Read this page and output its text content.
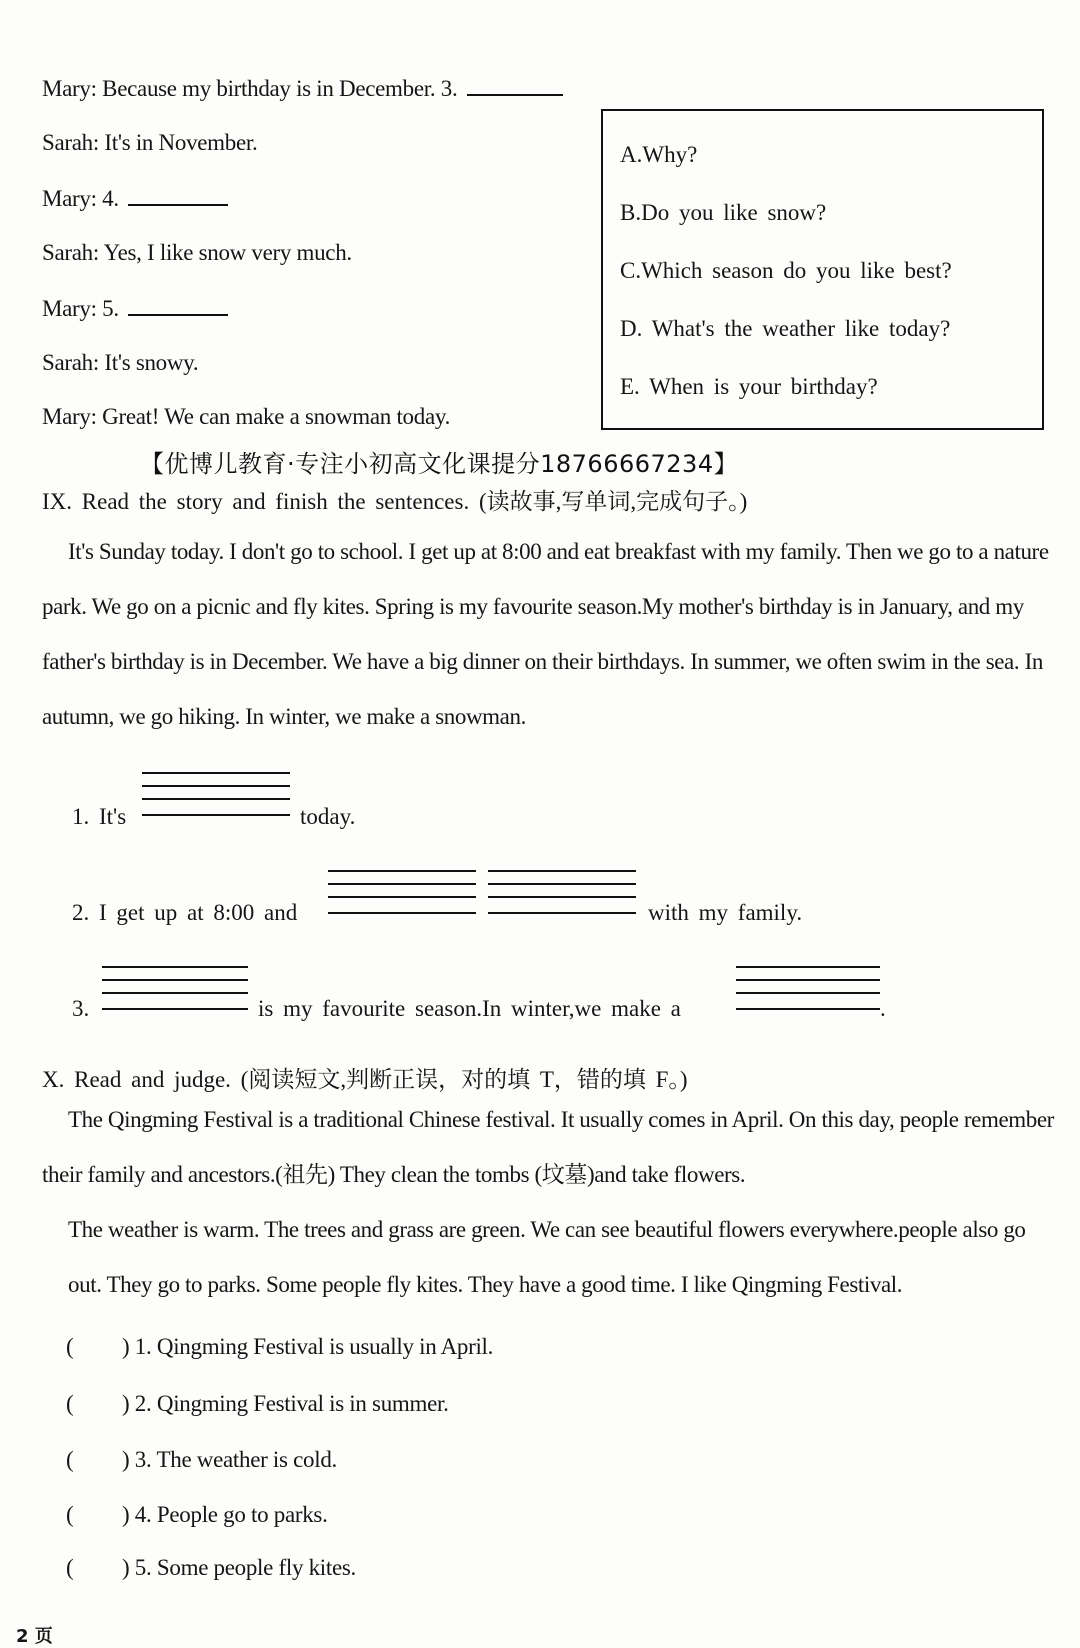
Mary: Because my birthday is in December. 3.
Sarah: It's in November.
Mary: 4.
Sarah: Yes, I like snow very much.
Mary: 5.
Sarah: It's snowy.
Mary: Great! We can make a snowman today.
A.Why?
B.Do you like snow?
C.Which season do you like best?
D. What's the weather like today?
E. When is your birthday?
【优博儿教育·专注小初高文化课提分18766667234】
IX. Read the story and finish the sentences. (读故事,写单词,完成句子。)

It's Sunday today. I don't go to school. I get up at 8:00 and eat breakfast with my family. Then we go to a nature park. We go on a picnic and fly kites. Spring is my favourite season.My mother's birthday is in January, and my father's birthday is in December. We have a big dinner on their birthdays. In summer, we often swim in the sea. In autumn, we go hiking. In winter, we make a snowman.

1. It's	today.
2. I get up at 8:00 and	with my family.
3.	is my favourite season.In winter,we make a	.
X. Read and judge. (阅读短文,判断正误，对的填 T，错的填 F。)

The Qingming Festival is a traditional Chinese festival. It usually comes in April. On this day, people remember their family and ancestors.(祖先) They clean the tombs (坟墓)and take flowers.

The weather is warm. The trees and grass are green. We can see beautiful flowers everywhere.people also go out. They go to parks. Some people fly kites. They have a good time. I like Qingming Festival.

( ) 1. Qingming Festival is usually in April.
( ) 2. Qingming Festival is in summer.
( ) 3. The weather is cold.
( ) 4. People go to parks.
( ) 5. Some people fly kites.
2 页
